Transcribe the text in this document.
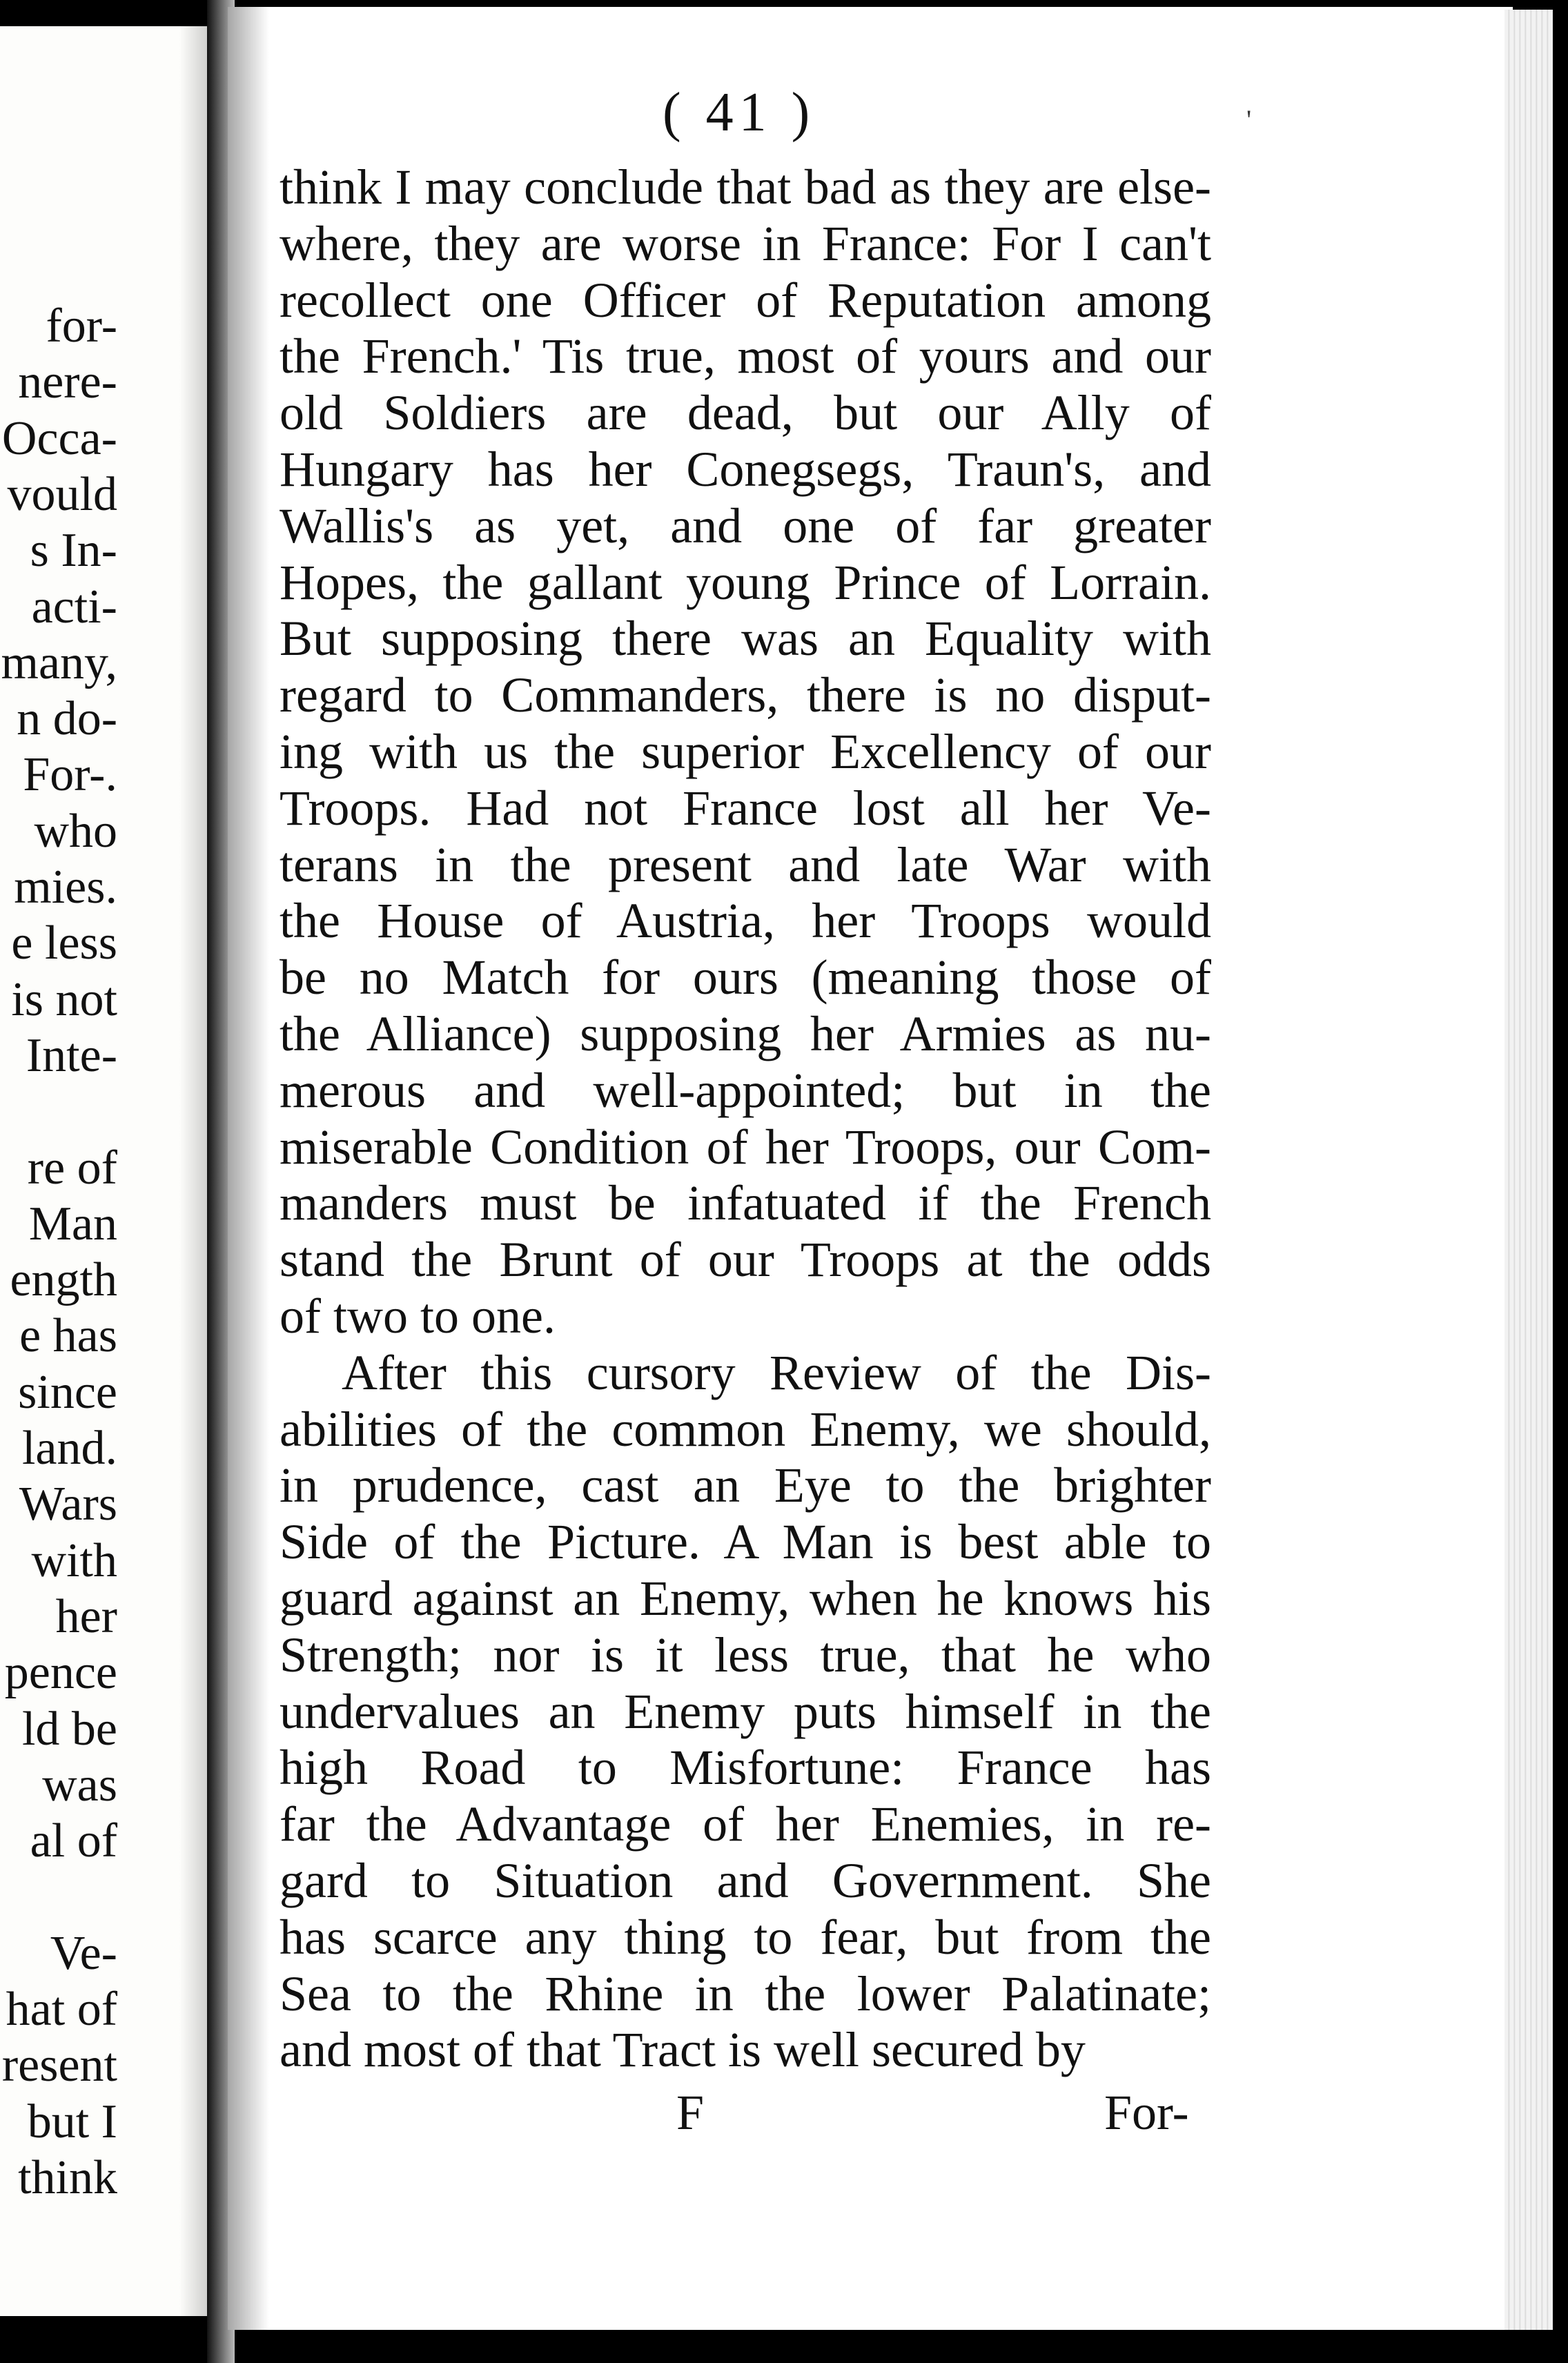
for-
nere-
Occa-
vould
s In-
acti-
many,
n do-
For-.
who
mies.
e less
is not
Inte-
re of
Man
ength
e has
since
land.
Wars
with
her
pence
ld be
was
al of
Ve-
hat of
resent
but I
think
( 41 )
think I may conclude that bad as they are else-
where, they are worse in France: For I can't
recollect one Officer of Reputation among
the French.' Tis true, most of yours and our
old Soldiers are dead, but our Ally of
Hungary has her Conegsegs, Traun's, and
Wallis's as yet, and one of far greater
Hopes, the gallant young Prince of Lorrain.
But supposing there was an Equality with
regard to Commanders, there is no disput-
ing with us the superior Excellency of our
Troops. Had not France lost all her Ve-
terans in the present and late War with
the House of Austria, her Troops would
be no Match for ours (meaning those of
the Alliance) supposing her Armies as nu-
merous and well-appointed; but in the
miserable Condition of her Troops, our Com-
manders must be infatuated if the French
stand the Brunt of our Troops at the odds
of two to one.
After this cursory Review of the Dis-
abilities of the common Enemy, we should,
in prudence, cast an Eye to the brighter
Side of the Picture. A Man is best able to
guard against an Enemy, when he knows his
Strength; nor is it less true, that he who
undervalues an Enemy puts himself in the
high Road to Misfortune: France has
far the Advantage of her Enemies, in re-
gard to Situation and Government. She
has scarce any thing to fear, but from the
Sea to the Rhine in the lower Palatinate;
and most of that Tract is well secured by
F	For-
'
